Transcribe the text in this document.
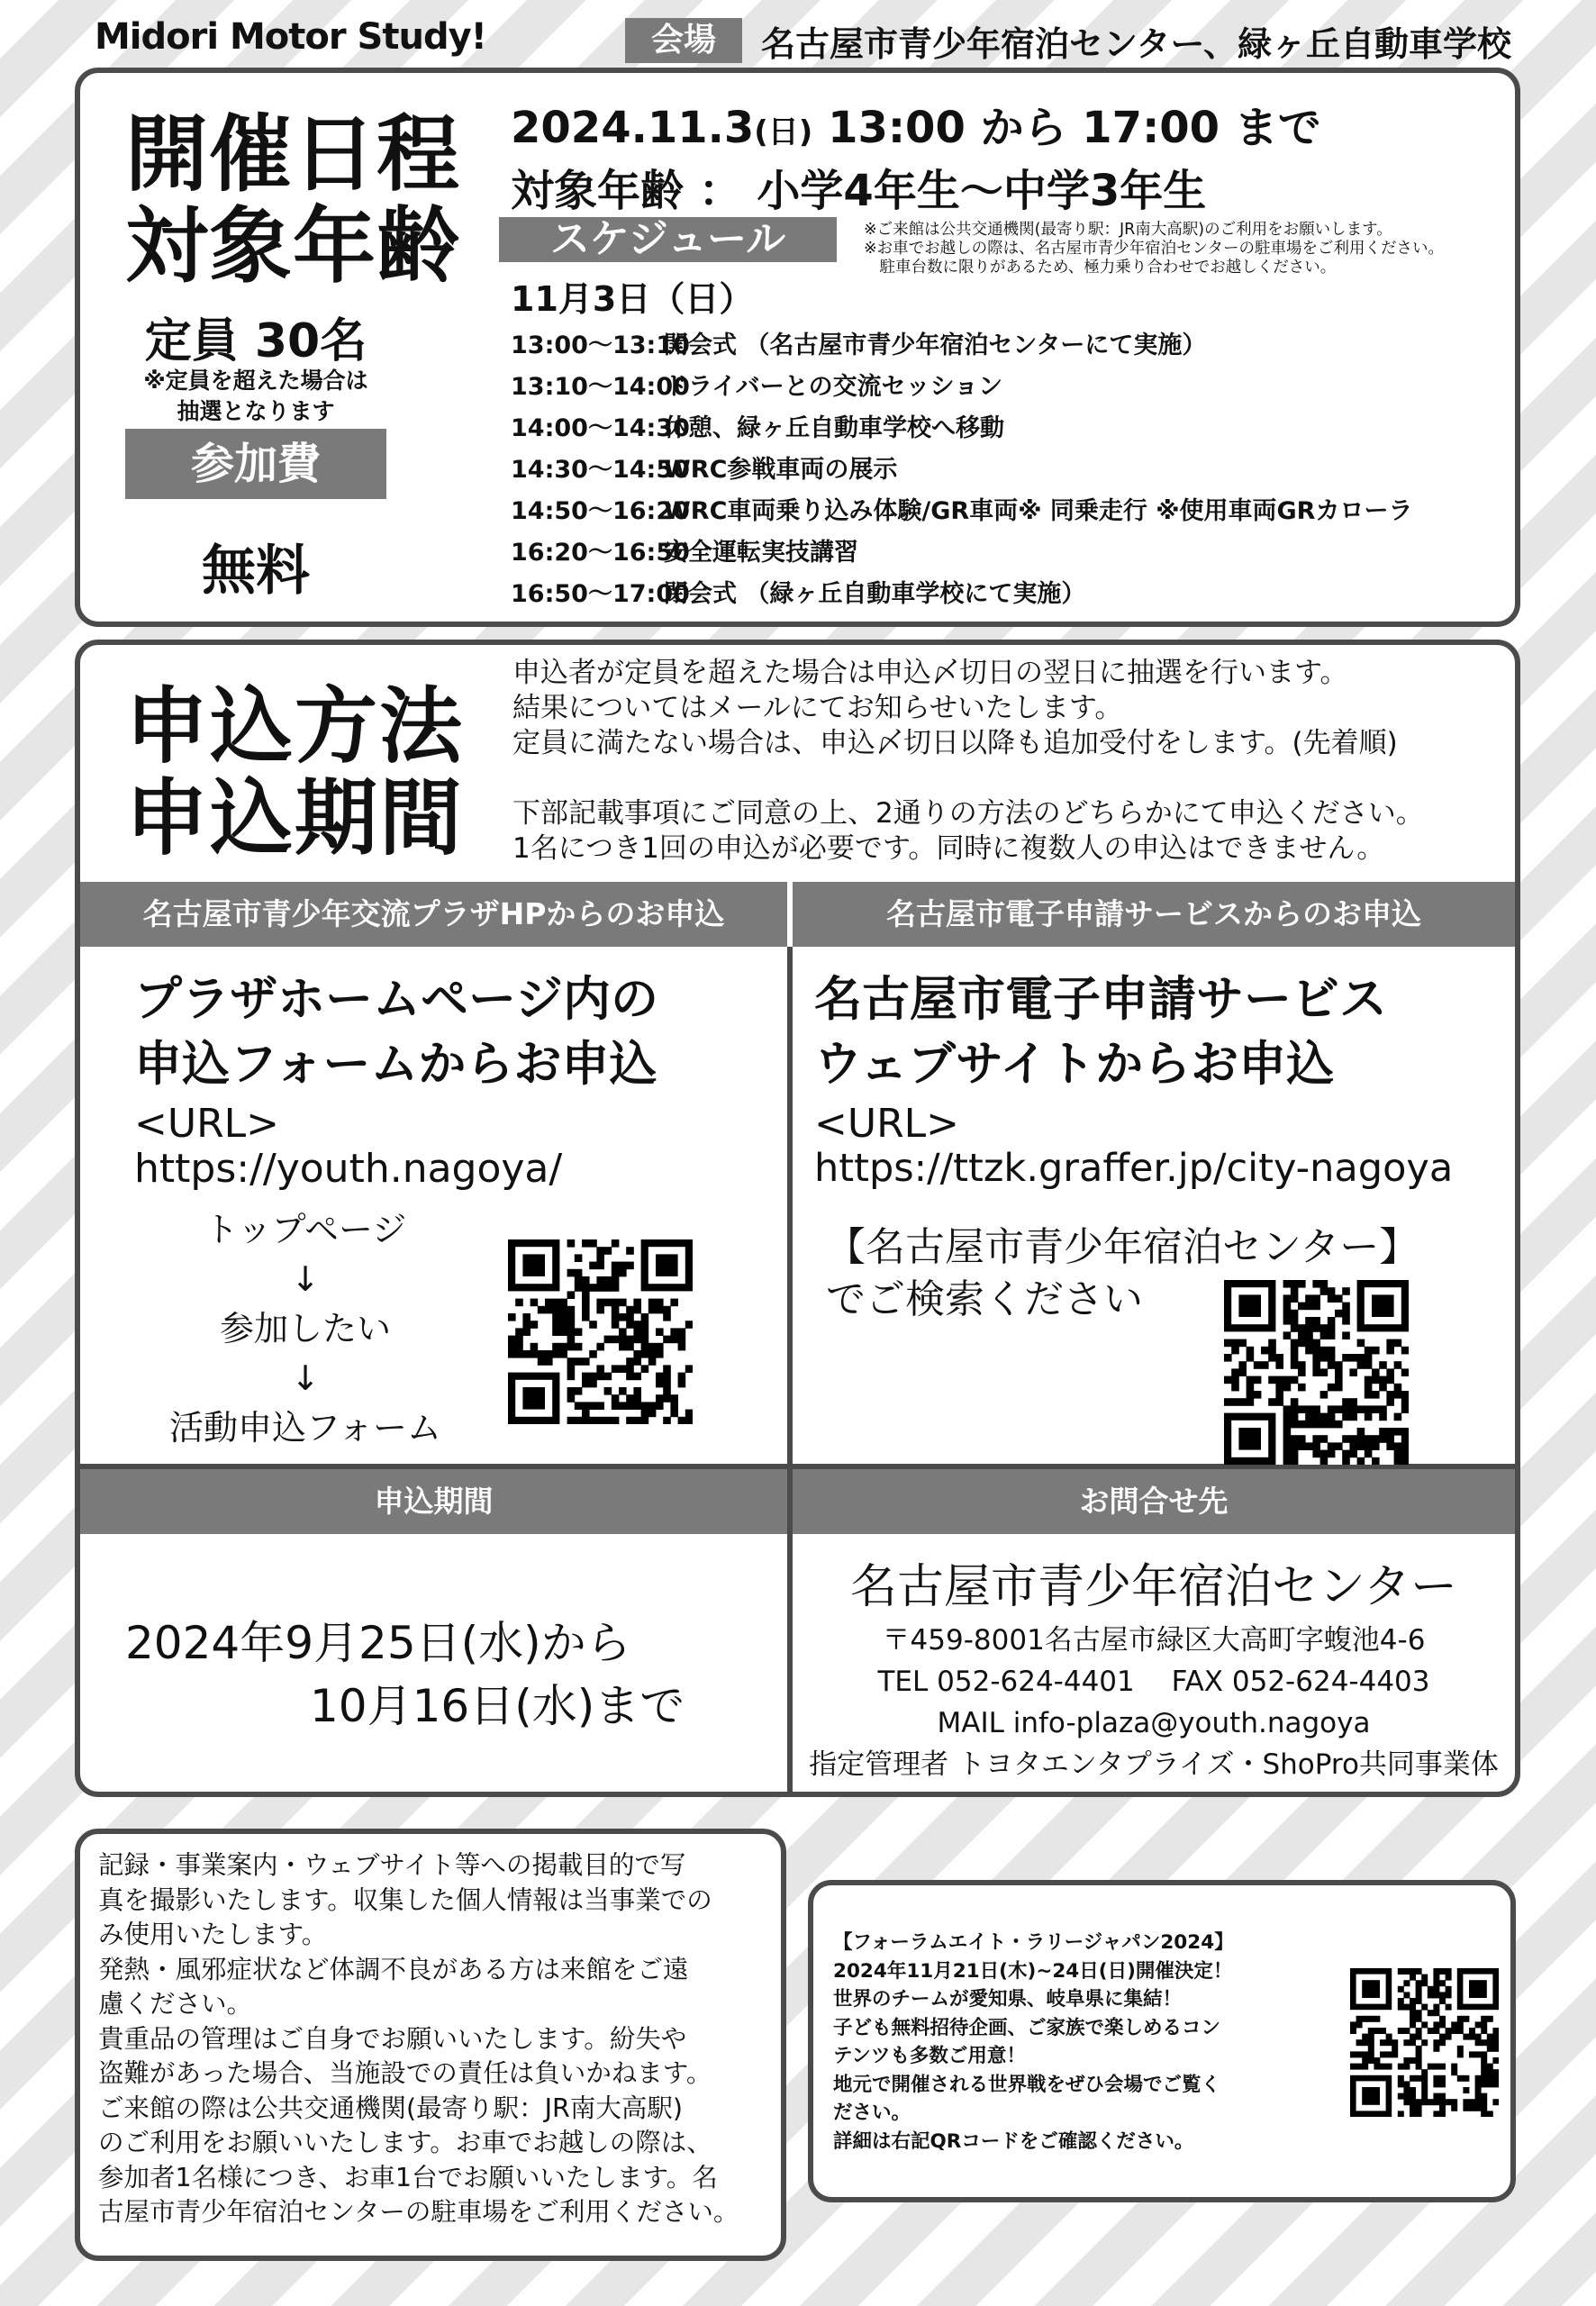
Midori Motor Study!	会場	名古屋市青少年宿泊センター、緑ヶ丘自動車学校
開催日程
対象年齢
定員 30名
※定員を超えた場合は
抽選となります
参加費
無料
2024.11.3(日) 13:00 から 17:00 まで
対象年齢 ： 小学4年生～中学3年生
スケジュール	※ご来館は公共交通機関(最寄り駅：JR南大高駅)のご利用をお願いします。
※お車でお越しの際は、名古屋市青少年宿泊センターの駐車場をご利用ください。
　駐車台数に限りがあるため、極力乗り合わせでお越しください。
11月3日（日）
13:00～13:10
開会式 （名古屋市青少年宿泊センターにて実施）
13:10～14:00
ドライバーとの交流セッション
14:00～14:30
休憩、緑ヶ丘自動車学校へ移動
14:30～14:50
WRC参戦車両の展示
14:50～16:20
WRC車両乗り込み体験/GR車両※ 同乗走行 ※使用車両GRカローラ
16:20～16:50
安全運転実技講習
16:50～17:00
閉会式 （緑ヶ丘自動車学校にて実施）
申込方法
申込期間
申込者が定員を超えた場合は申込〆切日の翌日に抽選を行います。
結果についてはメールにてお知らせいたします。
定員に満たない場合は、申込〆切日以降も追加受付をします。(先着順)
下部記載事項にご同意の上、2通りの方法のどちらかにて申込ください。
1名につき1回の申込が必要です。同時に複数人の申込はできません。
名古屋市青少年交流プラザHPからのお申込	名古屋市電子申請サービスからのお申込
申込期間	お問合せ先
プラザホームページ内の
申込フォームからお申込
<URL>
https://youth.nagoya/
トップページ
↓
参加したい
↓
活動申込フォーム
名古屋市電子申請サービス
ウェブサイトからお申込
<URL>
https://ttzk.graffer.jp/city-nagoya
【名古屋市青少年宿泊センター】
でご検索ください
2024年9月25日(水)から
10月16日(水)まで
名古屋市青少年宿泊センター
〒459-8001名古屋市緑区大高町字蝮池4-6
TEL 052-624-4401　 FAX 052-624-4403
MAIL info-plaza@youth.nagoya
指定管理者 トヨタエンタプライズ・ShoPro共同事業体
記録・事業案内・ウェブサイト等への掲載目的で写
真を撮影いたします。収集した個人情報は当事業での
み使用いたします。
発熱・風邪症状など体調不良がある方は来館をご遠
慮ください。
貴重品の管理はご自身でお願いいたします。紛失や
盗難があった場合、当施設での責任は負いかねます。
ご来館の際は公共交通機関(最寄り駅：JR南大高駅)
のご利用をお願いいたします。お車でお越しの際は、
参加者1名様につき、お車1台でお願いいたします。名
古屋市青少年宿泊センターの駐車場をご利用ください。
【フォーラムエイト・ラリージャパン2024】
2024年11月21日(木)~24日(日)開催決定！
世界のチームが愛知県、岐阜県に集結！
子ども無料招待企画、ご家族で楽しめるコン
テンツも多数ご用意！
地元で開催される世界戦をぜひ会場でご覧く
ださい。
詳細は右記QRコードをご確認ください。
